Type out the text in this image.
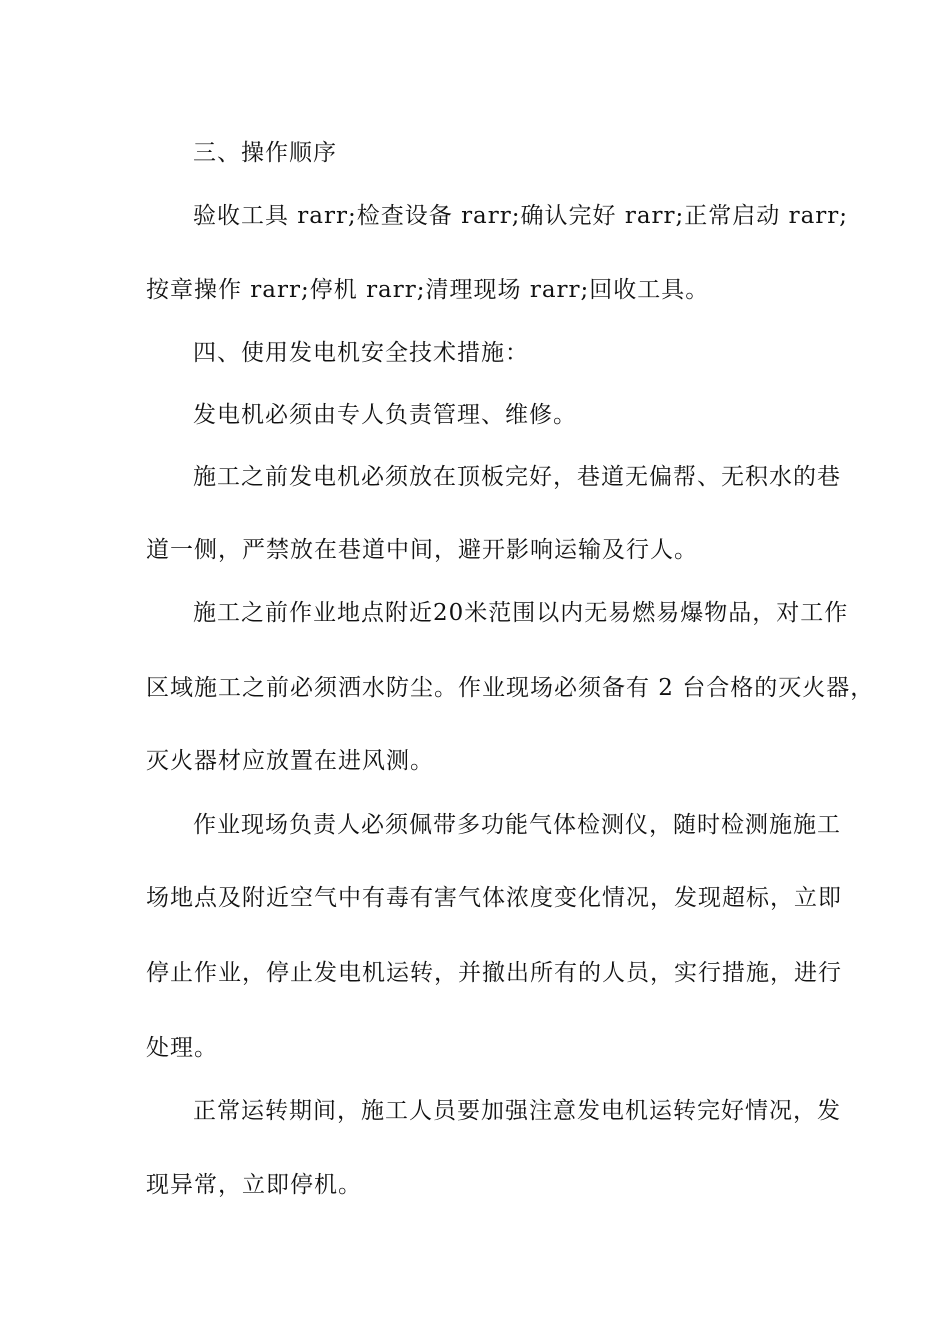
三、操作顺序
验收工具 rarr;检查设备 rarr;确认完好 rarr;正常启动 rarr;
按章操作 rarr;停机 rarr;清理现场 rarr;回收工具。
四、使用发电机安全技术措施：
发电机必须由专人负责管理、维修。
施工之前发电机必须放在顶板完好，巷道无偏帮、无积水的巷
道一侧，严禁放在巷道中间，避开影响运输及行人。
施工之前作业地点附近20米范围以内无易燃易爆物品，对工作
区域施工之前必须洒水防尘。作业现场必须备有 2 台合格的灭火器，
灭火器材应放置在进风测。
作业现场负责人必须佩带多功能气体检测仪，随时检测施施工
场地点及附近空气中有毒有害气体浓度变化情况，发现超标，立即
停止作业，停止发电机运转，并撤出所有的人员，实行措施，进行
处理。
正常运转期间，施工人员要加强注意发电机运转完好情况，发
现异常，立即停机。
